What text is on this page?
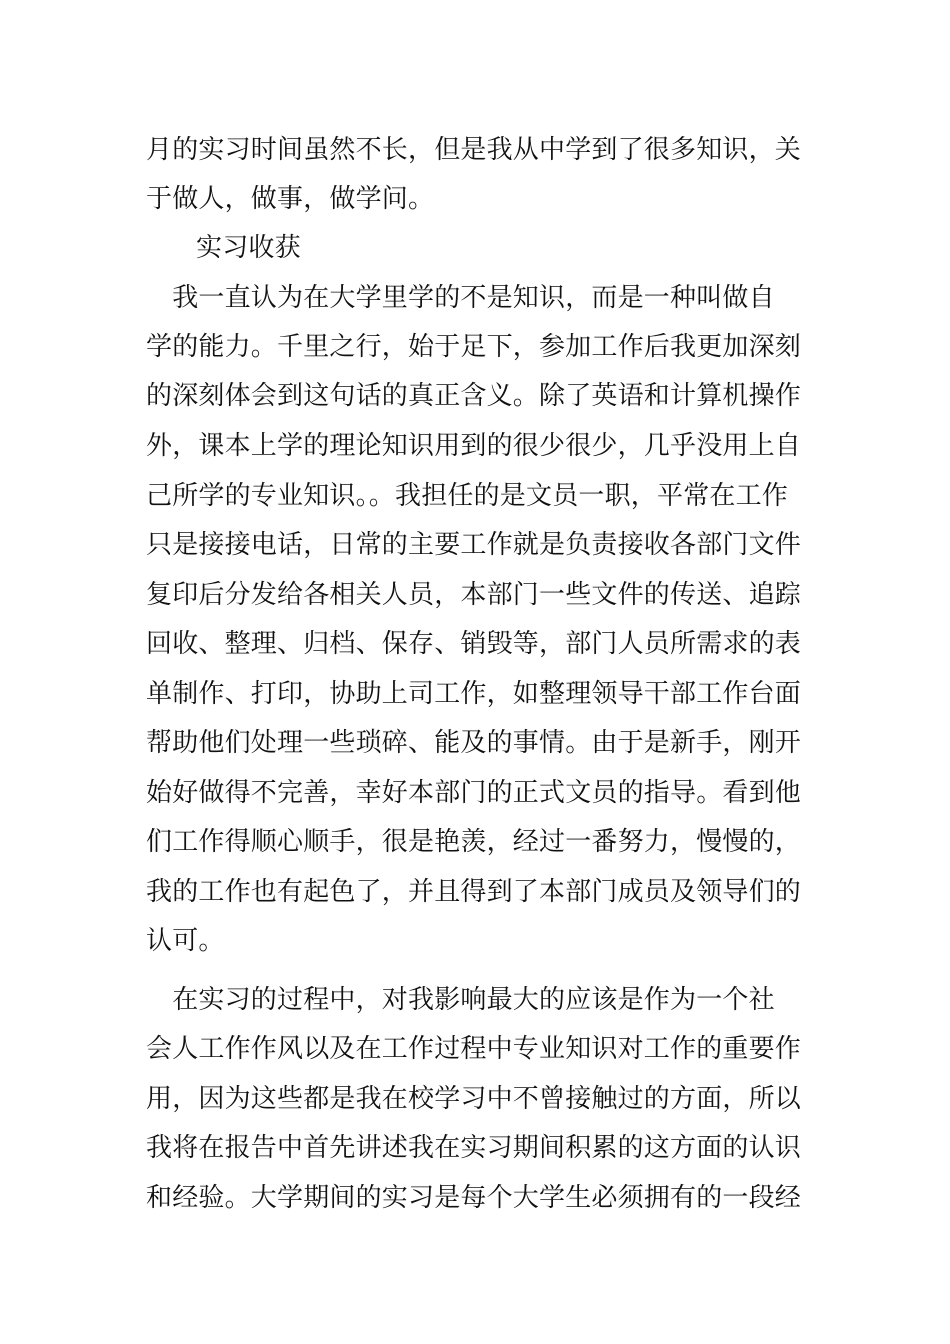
月的实习时间虽然不长，但是我从中学到了很多知识，关
于做人，做事，做学问。
实习收获
　我一直认为在大学里学的不是知识，而是一种叫做自
学的能力。千里之行，始于足下，参加工作后我更加深刻
的深刻体会到这句话的真正含义。除了英语和计算机操作
外，课本上学的理论知识用到的很少很少，几乎没用上自
己所学的专业知识。。我担任的是文员一职，平常在工作
只是接接电话，日常的主要工作就是负责接收各部门文件
复印后分发给各相关人员，本部门一些文件的传送、追踪
回收、整理、归档、保存、销毁等，部门人员所需求的表
单制作、打印，协助上司工作，如整理领导干部工作台面
帮助他们处理一些琐碎、能及的事情。由于是新手，刚开
始好做得不完善，幸好本部门的正式文员的指导。看到他
们工作得顺心顺手，很是艳羡，经过一番努力，慢慢的，
我的工作也有起色了，并且得到了本部门成员及领导们的
认可。
　在实习的过程中，对我影响最大的应该是作为一个社
会人工作作风以及在工作过程中专业知识对工作的重要作
用，因为这些都是我在校学习中不曾接触过的方面，所以
我将在报告中首先讲述我在实习期间积累的这方面的认识
和经验。大学期间的实习是每个大学生必须拥有的一段经
